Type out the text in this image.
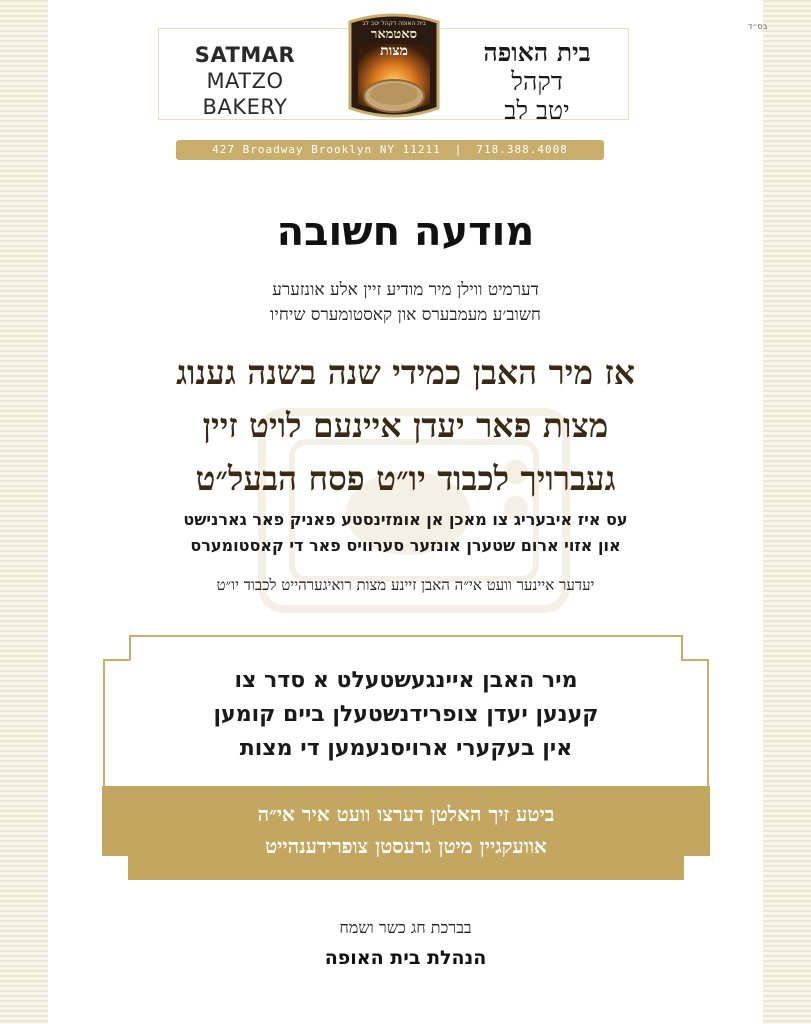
בס״ד
SATMAR
MATZO
BAKERY
בית האופה
דקהל
יטב לב
בית האופה דקהל יטב לב
סאטמאר
מצות
427 Broadway Brooklyn NY 11211 | 718.388.4008
מודעה חשובה
דערמיט ווילן מיר מודיע זיין אלע אונזערע
חשוב׳ע מעמבערס און קאסטומערס שיחיו
אז מיר האבן כמידי שנה בשנה גענוג
מצות פאר יעדן איינעם לויט זיין
געברויך לכבוד יו״ט פסח הבעל״ט
עס איז איבעריג צו מאכן אן אומזינסטע פאניק פאר גארנישט
און אזוי ארום שטערן אונזער סערוויס פאר די קאסטומערס
יעדער איינער וועט אי״ה האבן זיינע מצות רואיגערהייט לכבוד יו״ט
מיר האבן איינגעשטעלט א סדר צו
קענען יעדן צופרידנשטעלן ביים קומען
אין בעקערי ארויסנעמען די מצות
ביטע זיך האלטן דערצו וועט איר אי״ה
אוועקגיין מיטן גרעסטן צופרידענהייט
בברכת חג כשר ושמח
הנהלת בית האופה
